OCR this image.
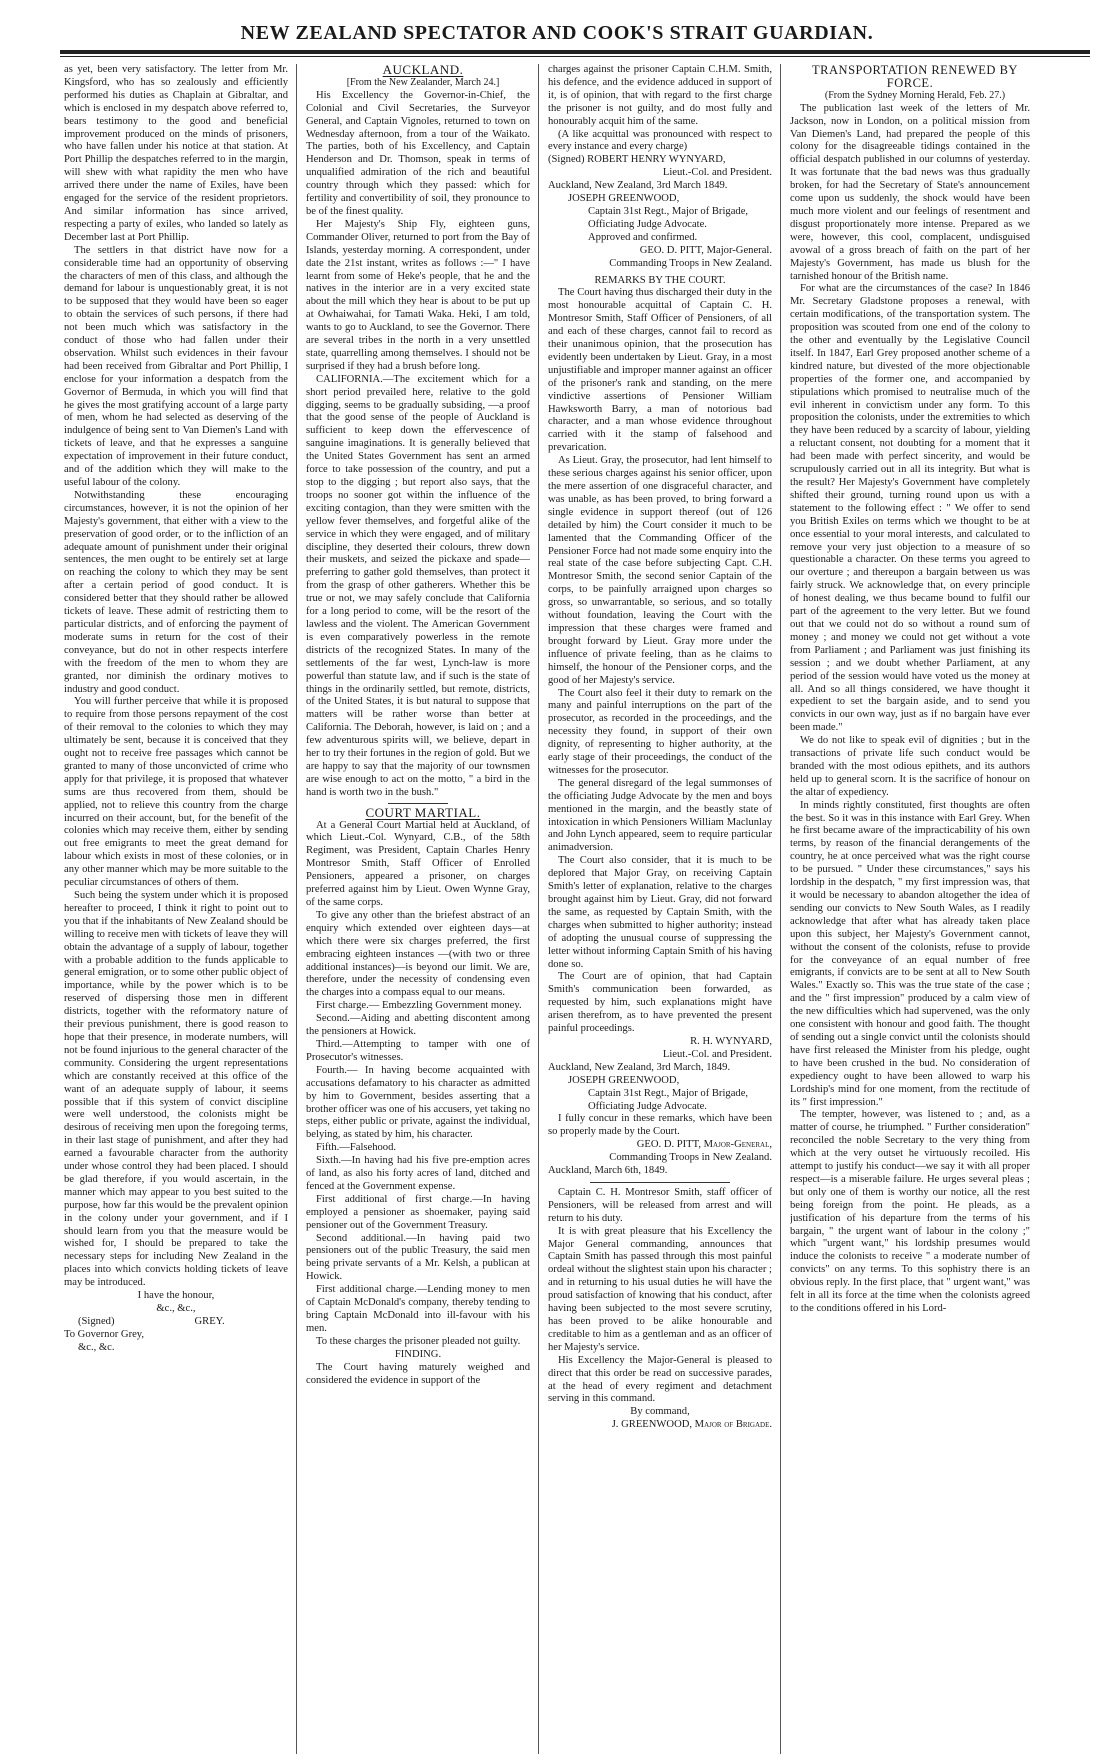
NEW ZEALAND SPECTATOR AND COOK'S STRAIT GUARDIAN.

as yet, been very satisfactory. The letter from Mr. Kingsford, who has so zealously and efficiently performed his duties as Chaplain at Gibraltar, and which is enclosed in my despatch above referred to, bears testimony to the good and beneficial improvement produced on the minds of prisoners, who have fallen under his notice at that station. At Port Phillip the despatches referred to in the margin, will shew with what rapidity the men who have arrived there under the name of Exiles, have been engaged for the service of the resident proprietors. And similar information has since arrived, respecting a party of exiles, who landed so lately as December last at Port Phillip.

The settlers in that district have now for a considerable time had an opportunity of observing the characters of men of this class, and although the demand for labour is unquestionably great, it is not to be supposed that they would have been so eager to obtain the services of such persons, if there had not been much which was satisfactory in the conduct of those who had fallen under their observation. Whilst such evidences in their favour had been received from Gibraltar and Port Phillip, I enclose for your information a despatch from the Governor of Bermuda, in which you will find that he gives the most gratifying account of a large party of men, whom he had selected as deserving of the indulgence of being sent to Van Diemen's Land with tickets of leave, and that he expresses a sanguine expectation of improvement in their future conduct, and of the addition which they will make to the useful labour of the colony.

Notwithstanding these encouraging circumstances, however, it is not the opinion of her Majesty's government, that either with a view to the preservation of good order, or to the infliction of an adequate amount of punishment under their original sentences, the men ought to be entirely set at large on reaching the colony to which they may be sent after a certain period of good conduct. It is considered better that they should rather be allowed tickets of leave. These admit of restricting them to particular districts, and of enforcing the payment of moderate sums in return for the cost of their conveyance, but do not in other respects interfere with the freedom of the men to whom they are granted, nor diminish the ordinary motives to industry and good conduct.

You will further perceive that while it is proposed to require from those persons repayment of the cost of their removal to the colonies to which they may ultimately be sent, because it is conceived that they ought not to receive free passages which cannot be granted to many of those unconvicted of crime who apply for that privilege, it is proposed that whatever sums are thus recovered from them, should be applied, not to relieve this country from the charge incurred on their account, but, for the benefit of the colonies which may receive them, either by sending out free emigrants to meet the great demand for labour which exists in most of these colonies, or in any other manner which may be more suitable to the peculiar circumstances of others of them.

Such being the system under which it is proposed hereafter to proceed, I think it right to point out to you that if the inhabitants of New Zealand should be willing to receive men with tickets of leave they will obtain the advantage of a supply of labour, together with a probable addition to the funds applicable to general emigration, or to some other public object of importance, while by the power which is to be reserved of dispersing those men in different districts, together with the reformatory nature of their previous punishment, there is good reason to hope that their presence, in moderate numbers, will not be found injurious to the general character of the community. Considering the urgent representations which are constantly received at this office of the want of an adequate supply of labour, it seems possible that if this system of convict discipline were well understood, the colonists might be desirous of receiving men upon the foregoing terms, in their last stage of punishment, and after they had earned a favourable character from the authority under whose control they had been placed. I should be glad therefore, if you would ascertain, in the manner which may appear to you best suited to the purpose, how far this would be the prevalent opinion in the colony under your government, and if I should learn from you that the measure would be wished for, I should be prepared to take the necessary steps for including New Zealand in the places into which convicts holding tickets of leave may be introduced.

I have the honour,

&c., &c.,

(Signed)	GREY.

To Governor Grey,

&c., &c.

AUCKLAND.

[From the New Zealander, March 24.]

His Excellency the Governor-in-Chief, the Colonial and Civil Secretaries, the Surveyor General, and Captain Vignoles, returned to town on Wednesday afternoon, from a tour of the Waikato. The parties, both of his Excellency, and Captain Henderson and Dr. Thomson, speak in terms of unqualified admiration of the rich and beautiful country through which they passed: which for fertility and convertibility of soil, they pronounce to be of the finest quality.

Her Majesty's Ship Fly, eighteen guns, Commander Oliver, returned to port from the Bay of Islands, yesterday morning. A correspondent, under date the 21st instant, writes as follows :—" I have learnt from some of Heke's people, that he and the natives in the interior are in a very excited state about the mill which they hear is about to be put up at Owhaiwahai, for Tamati Waka. Heki, I am told, wants to go to Auckland, to see the Governor. There are several tribes in the north in a very unsettled state, quarrelling among themselves. I should not be surprised if they had a brush before long.

CALIFORNIA.—The excitement which for a short period prevailed here, relative to the gold digging, seems to be gradually subsiding, —a proof that the good sense of the people of Auckland is sufficient to keep down the effervescence of sanguine imaginations. It is generally believed that the United States Government has sent an armed force to take possession of the country, and put a stop to the digging ; but report also says, that the troops no sooner got within the influence of the exciting contagion, than they were smitten with the yellow fever themselves, and forgetful alike of the service in which they were engaged, and of military discipline, they deserted their colours, threw down their muskets, and seized the pickaxe and spade—preferring to gather gold themselves, than protect it from the grasp of other gatherers. Whether this be true or not, we may safely conclude that California for a long period to come, will be the resort of the lawless and the violent. The American Government is even comparatively powerless in the remote districts of the recognized States. In many of the settlements of the far west, Lynch-law is more powerful than statute law, and if such is the state of things in the ordinarily settled, but remote, districts, of the United States, it is but natural to suppose that matters will be rather worse than better at California. The Deborah, however, is laid on ; and a few adventurous spirits will, we believe, depart in her to try their fortunes in the region of gold. But we are happy to say that the majority of our townsmen are wise enough to act on the motto, " a bird in the hand is worth two in the bush."

COURT MARTIAL.

At a General Court Martial held at Auckland, of which Lieut.-Col. Wynyard, C.B., of the 58th Regiment, was President, Captain Charles Henry Montresor Smith, Staff Officer of Enrolled Pensioners, appeared a prisoner, on charges preferred against him by Lieut. Owen Wynne Gray, of the same corps.

To give any other than the briefest abstract of an enquiry which extended over eighteen days—at which there were six charges preferred, the first embracing eighteen instances —(with two or three additional instances)—is beyond our limit. We are, therefore, under the necessity of condensing even the charges into a compass equal to our means.

First charge.— Embezzling Government money.

Second.—Aiding and abetting discontent among the pensioners at Howick.

Third.—Attempting to tamper with one of Prosecutor's witnesses.

Fourth.— In having become acquainted with accusations defamatory to his character as admitted by him to Government, besides asserting that a brother officer was one of his accusers, yet taking no steps, either public or private, against the individual, belying, as stated by him, his character.

Fifth.—Falsehood.

Sixth.—In having had his five pre-emption acres of land, as also his forty acres of land, ditched and fenced at the Government expense.

First additional of first charge.—In having employed a pensioner as shoemaker, paying said pensioner out of the Government Treasury.

Second additional.—In having paid two pensioners out of the public Treasury, the said men being private servants of a Mr. Kelsh, a publican at Howick.

First additional charge.—Lending money to men of Captain McDonald's company, thereby tending to bring Captain McDonald into ill-favour with his men.

To these charges the prisoner pleaded not guilty.

FINDING.

The Court having maturely weighed and considered the evidence in support of the

charges against the prisoner Captain C.H.M. Smith, his defence, and the evidence adduced in support of it, is of opinion, that with regard to the first charge the prisoner is not guilty, and do most fully and honourably acquit him of the same.

(A like acquittal was pronounced with respect to every instance and every charge)

(Signed) ROBERT HENRY WYNYARD,

Lieut.-Col. and President.

Auckland, New Zealand, 3rd March 1849.

JOSEPH GREENWOOD,

Captain 31st Regt., Major of Brigade,

Officiating Judge Advocate.

Approved and confirmed.

GEO. D. PITT, Major-General.

Commanding Troops in New Zealand.

REMARKS BY THE COURT.

The Court having thus discharged their duty in the most honourable acquittal of Captain C. H. Montresor Smith, Staff Officer of Pensioners, of all and each of these charges, cannot fail to record as their unanimous opinion, that the prosecution has evidently been undertaken by Lieut. Gray, in a most unjustifiable and improper manner against an officer of the prisoner's rank and standing, on the mere vindictive assertions of Pensioner William Hawksworth Barry, a man of notorious bad character, and a man whose evidence throughout carried with it the stamp of falsehood and prevarication.

As Lieut. Gray, the prosecutor, had lent himself to these serious charges against his senior officer, upon the mere assertion of one disgraceful character, and was unable, as has been proved, to bring forward a single evidence in support thereof (out of 126 detailed by him) the Court consider it much to be lamented that the Commanding Officer of the Pensioner Force had not made some enquiry into the real state of the case before subjecting Capt. C.H. Montresor Smith, the second senior Captain of the corps, to be painfully arraigned upon charges so gross, so unwarrantable, so serious, and so totally without foundation, leaving the Court with the impression that these charges were framed and brought forward by Lieut. Gray more under the influence of private feeling, than as he claims to himself, the honour of the Pensioner corps, and the good of her Majesty's service.

The Court also feel it their duty to remark on the many and painful interruptions on the part of the prosecutor, as recorded in the proceedings, and the necessity they found, in support of their own dignity, of representing to higher authority, at the early stage of their proceedings, the conduct of the witnesses for the prosecutor.

The general disregard of the legal summonses of the officiating Judge Advocate by the men and boys mentioned in the margin, and the beastly state of intoxication in which Pensioners William Maclunlay and John Lynch appeared, seem to require particular animadversion.

The Court also consider, that it is much to be deplored that Major Gray, on receiving Captain Smith's letter of explanation, relative to the charges brought against him by Lieut. Gray, did not forward the same, as requested by Captain Smith, with the charges when submitted to higher authority; instead of adopting the unusual course of suppressing the letter without informing Captain Smith of his having done so.

The Court are of opinion, that had Captain Smith's communication been forwarded, as requested by him, such explanations might have arisen therefrom, as to have prevented the present painful proceedings.

R. H. WYNYARD,

Lieut.-Col. and President.

Auckland, New Zealand, 3rd March, 1849.

JOSEPH GREENWOOD,

Captain 31st Regt., Major of Brigade,

Officiating Judge Advocate.

I fully concur in these remarks, which have been so properly made by the Court.

GEO. D. PITT, Major-General,

Commanding Troops in New Zealand.

Auckland, March 6th, 1849.

Captain C. H. Montresor Smith, staff officer of Pensioners, will be released from arrest and will return to his duty.

It is with great pleasure that his Excellency the Major General commanding, announces that Captain Smith has passed through this most painful ordeal without the slightest stain upon his character ; and in returning to his usual duties he will have the proud satisfaction of knowing that his conduct, after having been subjected to the most severe scrutiny, has been proved to be alike honourable and creditable to him as a gentleman and as an officer of her Majesty's service.

His Excellency the Major-General is pleased to direct that this order be read on successive parades, at the head of every regiment and detachment serving in this command.

By command,

J. GREENWOOD, Major of Brigade.

TRANSPORTATION RENEWED BY FORCE.

(From the Sydney Morning Herald, Feb. 27.)

The publication last week of the letters of Mr. Jackson, now in London, on a political mission from Van Diemen's Land, had prepared the people of this colony for the disagreeable tidings contained in the official despatch published in our columns of yesterday. It was fortunate that the bad news was thus gradually broken, for had the Secretary of State's announcement come upon us suddenly, the shock would have been much more violent and our feelings of resentment and disgust proportionately more intense. Prepared as we were, however, this cool, complacent, undisguised avowal of a gross breach of faith on the part of her Majesty's Government, has made us blush for the tarnished honour of the British name.

For what are the circumstances of the case? In 1846 Mr. Secretary Gladstone proposes a renewal, with certain modifications, of the transportation system. The proposition was scouted from one end of the colony to the other and eventually by the Legislative Council itself. In 1847, Earl Grey proposed another scheme of a kindred nature, but divested of the more objectionable properties of the former one, and accompanied by stipulations which promised to neutralise much of the evil inherent in convictism under any form. To this proposition the colonists, under the extremities to which they have been reduced by a scarcity of labour, yielding a reluctant consent, not doubting for a moment that it had been made with perfect sincerity, and would be scrupulously carried out in all its integrity. But what is the result? Her Majesty's Government have completely shifted their ground, turning round upon us with a statement to the following effect : " We offer to send you British Exiles on terms which we thought to be at once essential to your moral interests, and calculated to remove your very just objection to a measure of so questionable a character. On these terms you agreed to our overture ; and thereupon a bargain between us was fairly struck. We acknowledge that, on every principle of honest dealing, we thus became bound to fulfil our part of the agreement to the very letter. But we found out that we could not do so without a round sum of money ; and money we could not get without a vote from Parliament ; and Parliament was just finishing its session ; and we doubt whether Parliament, at any period of the session would have voted us the money at all. And so all things considered, we have thought it expedient to set the bargain aside, and to send you convicts in our own way, just as if no bargain have ever been made."

We do not like to speak evil of dignities ; but in the transactions of private life such conduct would be branded with the most odious epithets, and its authors held up to general scorn. It is the sacrifice of honour on the altar of expediency.

In minds rightly constituted, first thoughts are often the best. So it was in this instance with Earl Grey. When he first became aware of the impracticability of his own terms, by reason of the financial derangements of the country, he at once perceived what was the right course to be pursued. " Under these circumstances," says his lordship in the despatch, " my first impression was, that it would be necessary to abandon altogether the idea of sending our convicts to New South Wales, as I readily acknowledge that after what has already taken place upon this subject, her Majesty's Government cannot, without the consent of the colonists, refuse to provide for the conveyance of an equal number of free emigrants, if convicts are to be sent at all to New South Wales." Exactly so. This was the true state of the case ; and the " first impression" produced by a calm view of the new difficulties which had supervened, was the only one consistent with honour and good faith. The thought of sending out a single convict until the colonists should have first released the Minister from his pledge, ought to have been crushed in the bud. No consideration of expediency ought to have been allowed to warp his Lordship's mind for one moment, from the rectitude of its " first impression."

The tempter, however, was listened to ; and, as a matter of course, he triumphed. " Further consideration" reconciled the noble Secretary to the very thing from which at the very outset he virtuously recoiled. His attempt to justify his conduct—we say it with all proper respect—is a miserable failure. He urges several pleas ; but only one of them is worthy our notice, all the rest being foreign from the point. He pleads, as a justification of his departure from the terms of his bargain, " the urgent want of labour in the colony ;" which "urgent want," his lordship presumes would induce the colonists to receive " a moderate number of convicts" on any terms. To this sophistry there is an obvious reply. In the first place, that " urgent want," was felt in all its force at the time when the colonists agreed to the conditions offered in his Lord-
